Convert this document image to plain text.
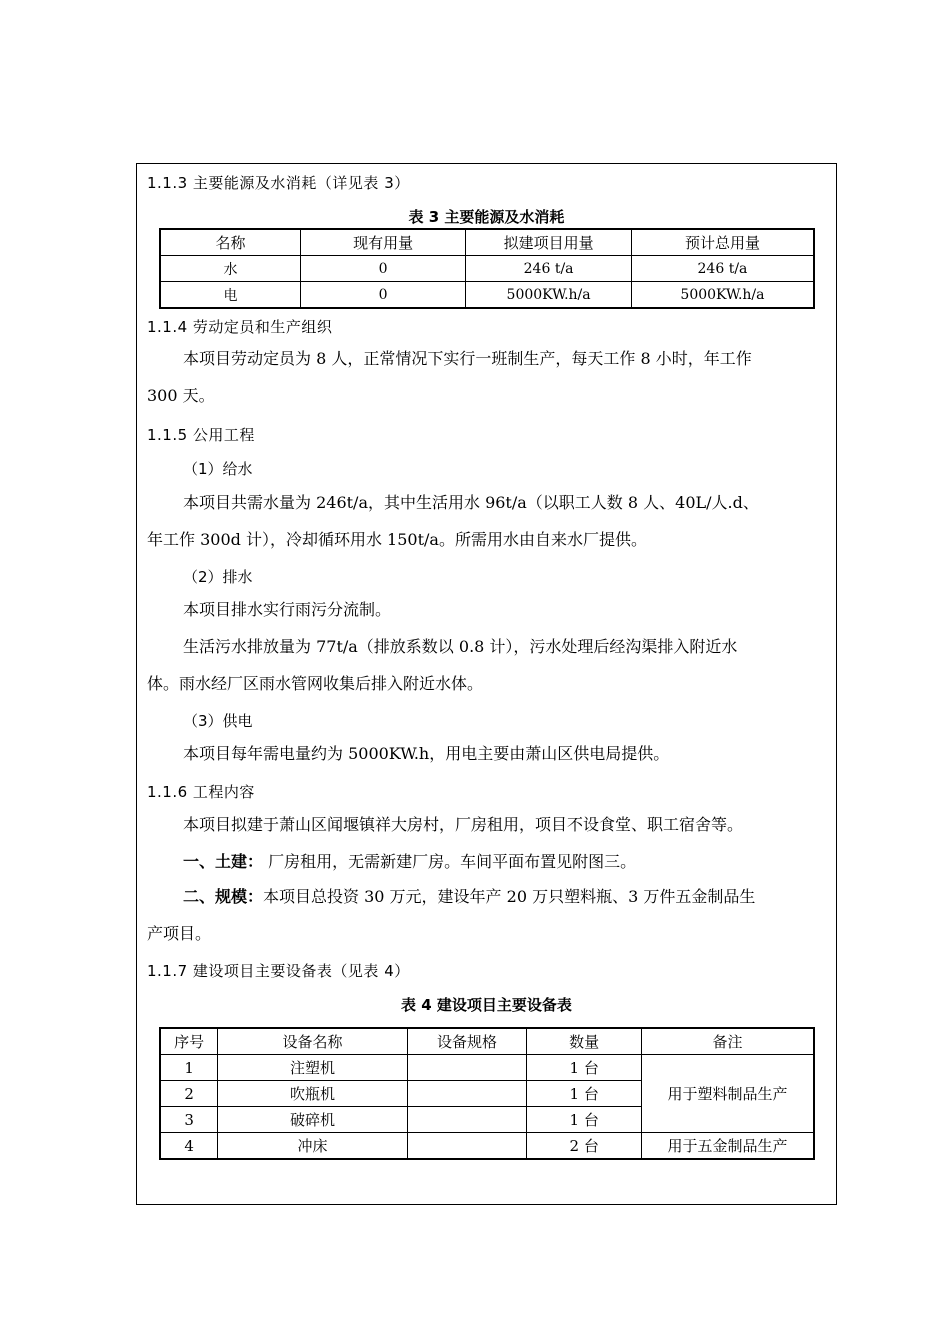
1.1.3 主要能源及水消耗（详见表 3）
表 3 主要能源及水消耗
名称	现有用量	拟建项目用量	预计总用量
水	0	246 t/a	246 t/a
电	0	5000KW.h/a	5000KW.h/a
1.1.4 劳动定员和生产组织
本项目劳动定员为 8 人，正常情况下实行一班制生产，每天工作 8 小时，年工作
300 天。
1.1.5 公用工程
（1）给水
本项目共需水量为 246t/a，其中生活用水 96t/a（以职工人数 8 人、40L/人.d、
年工作 300d 计），冷却循环用水 150t/a。所需用水由自来水厂提供。
（2）排水
本项目排水实行雨污分流制。
生活污水排放量为 77t/a（排放系数以 0.8 计），污水处理后经沟渠排入附近水
体。雨水经厂区雨水管网收集后排入附近水体。
（3）供电
本项目每年需电量约为 5000KW.h，用电主要由萧山区供电局提供。
1.1.6 工程内容
本项目拟建于萧山区闻堰镇祥大房村，厂房租用，项目不设食堂、职工宿舍等。
一、土建： 厂房租用，无需新建厂房。车间平面布置见附图三。
二、规模：本项目总投资 30 万元，建设年产 20 万只塑料瓶、3 万件五金制品生
产项目。
1.1.7 建设项目主要设备表（见表 4）
表 4 建设项目主要设备表
序号	设备名称	设备规格	数量	备注
1	注塑机		1 台	用于塑料制品生产
2	吹瓶机		1 台	
3	破碎机		1 台	
4	冲床		2 台	用于五金制品生产
